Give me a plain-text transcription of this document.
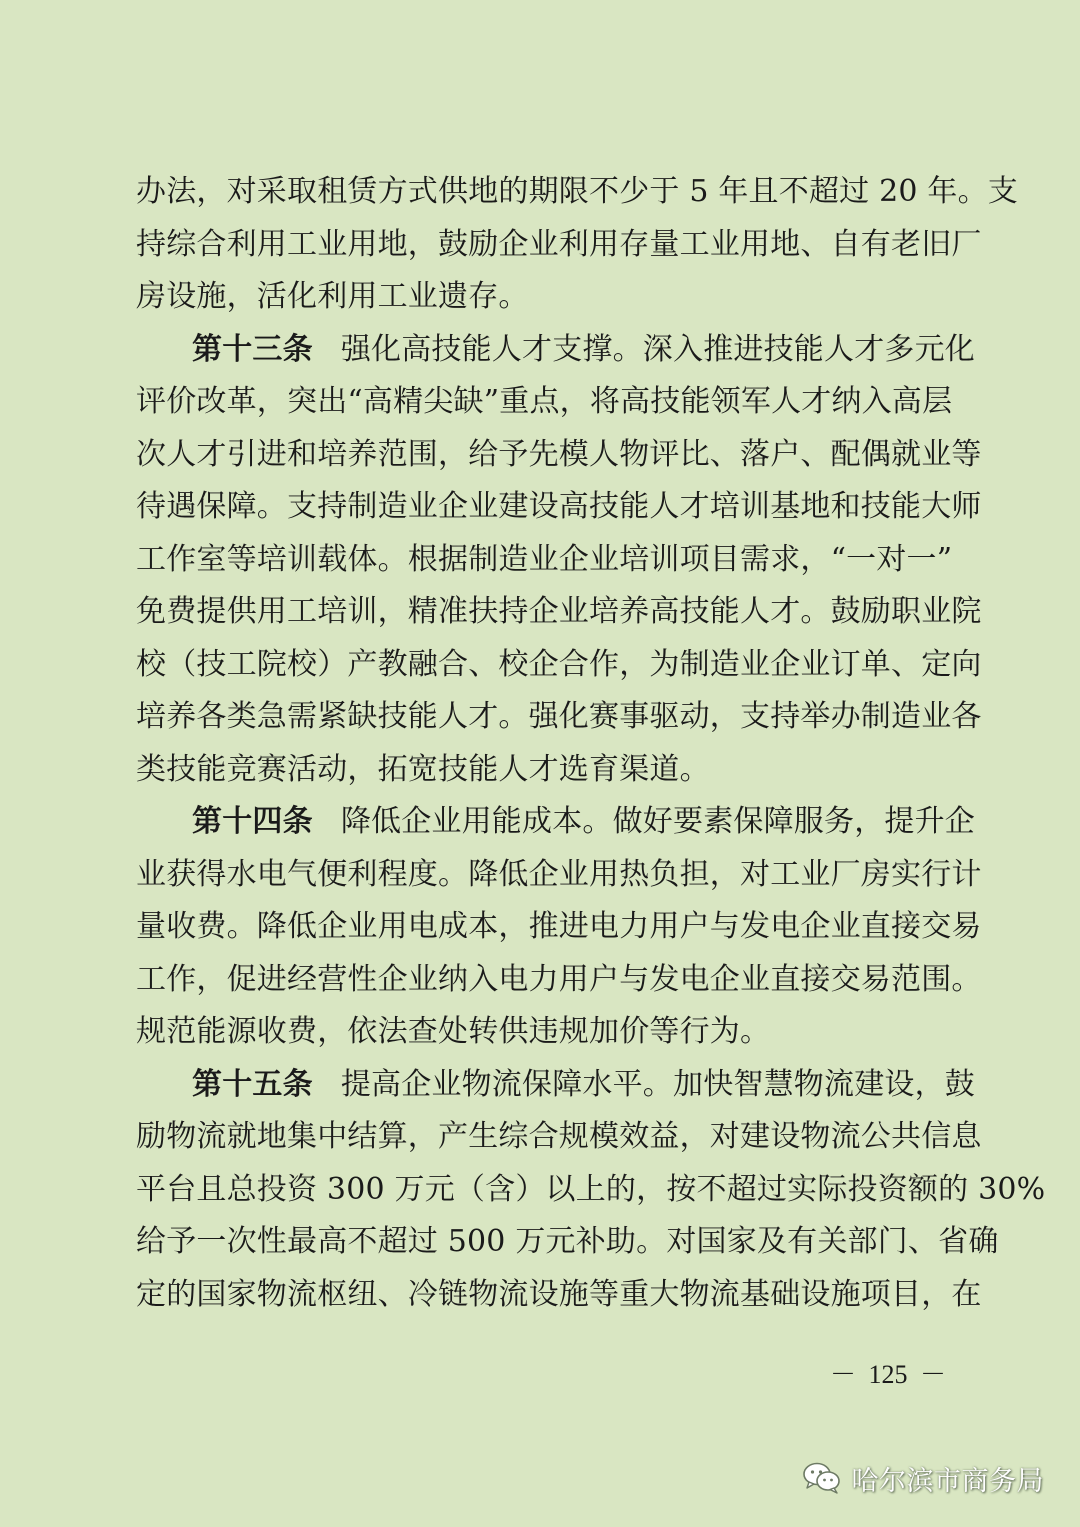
办法，对采取租赁方式供地的期限不少于 5 年且不超过 20 年。支
持综合利用工业用地，鼓励企业利用存量工业用地、自有老旧厂
房设施，活化利用工业遗存。
第十三条 强化高技能人才支撑。深入推进技能人才多元化
评价改革，突出“高精尖缺”重点，将高技能领军人才纳入高层
次人才引进和培养范围，给予先模人物评比、落户、配偶就业等
待遇保障。支持制造业企业建设高技能人才培训基地和技能大师
工作室等培训载体。根据制造业企业培训项目需求，“一对一”
免费提供用工培训，精准扶持企业培养高技能人才。鼓励职业院
校（技工院校）产教融合、校企合作，为制造业企业订单、定向
培养各类急需紧缺技能人才。强化赛事驱动，支持举办制造业各
类技能竞赛活动，拓宽技能人才选育渠道。
第十四条 降低企业用能成本。做好要素保障服务，提升企
业获得水电气便利程度。降低企业用热负担，对工业厂房实行计
量收费。降低企业用电成本，推进电力用户与发电企业直接交易
工作，促进经营性企业纳入电力用户与发电企业直接交易范围。
规范能源收费，依法查处转供违规加价等行为。
第十五条 提高企业物流保障水平。加快智慧物流建设，鼓
励物流就地集中结算，产生综合规模效益，对建设物流公共信息
平台且总投资 300 万元（含）以上的，按不超过实际投资额的 30%
给予一次性最高不超过 500 万元补助。对国家及有关部门、省确
定的国家物流枢纽、冷链物流设施等重大物流基础设施项目，在
－ 125 －
哈尔滨市商务局
